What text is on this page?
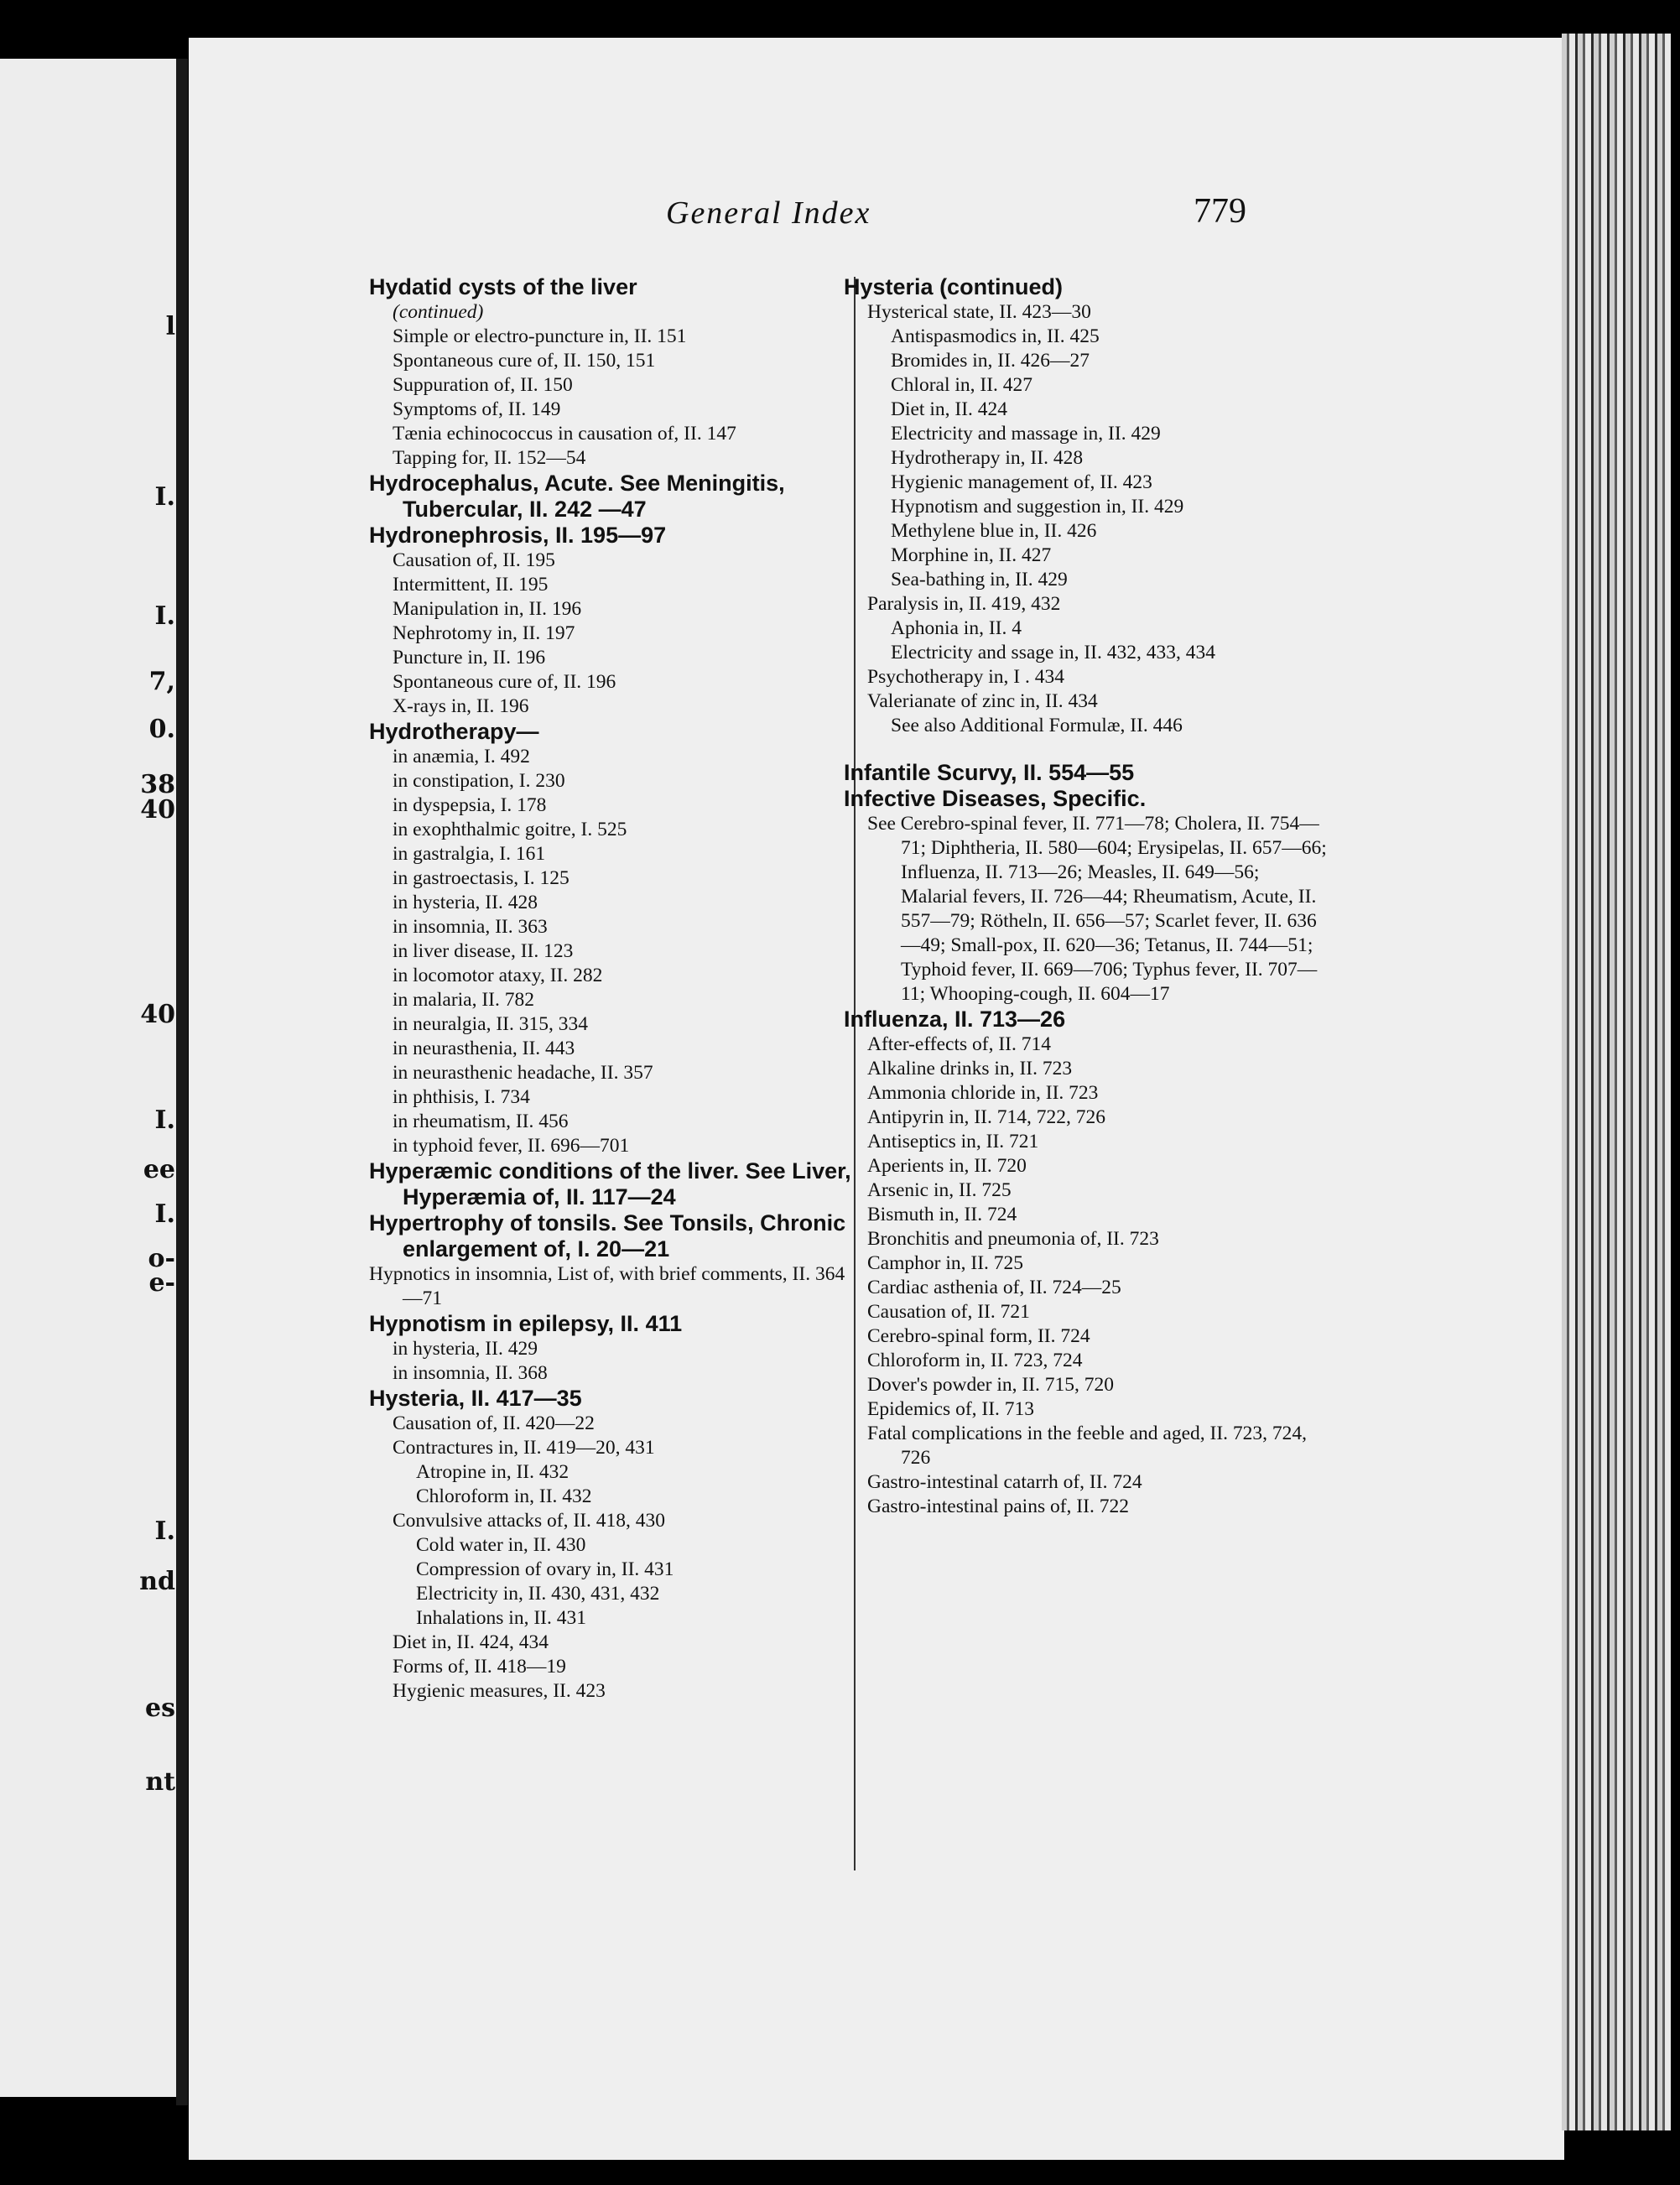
l
I.
I.
7,
0.
38
40
40
I.
ee
I.
o-
e-
I.
nd
es
nt
General Index	779
Hydatid cysts of the liver
(continued)
Simple or electro-puncture in, II. 151
Spontaneous cure of, II. 150, 151
Suppuration of, II. 150
Symptoms of, II. 149
Tænia echinococcus in causation of, II. 147
Tapping for, II. 152—54
Hydrocephalus, Acute. See Meningitis, Tubercular, II. 242 —47
Hydronephrosis, II. 195—97
Causation of, II. 195
Intermittent, II. 195
Manipulation in, II. 196
Nephrotomy in, II. 197
Puncture in, II. 196
Spontaneous cure of, II. 196
X-rays in, II. 196
Hydrotherapy—
in anæmia, I. 492
in constipation, I. 230
in dyspepsia, I. 178
in exophthalmic goitre, I. 525
in gastralgia, I. 161
in gastroectasis, I. 125
in hysteria, II. 428
in insomnia, II. 363
in liver disease, II. 123
in locomotor ataxy, II. 282
in malaria, II. 782
in neuralgia, II. 315, 334
in neurasthenia, II. 443
in neurasthenic headache, II. 357
in phthisis, I. 734
in rheumatism, II. 456
in typhoid fever, II. 696—701
Hyperæmic conditions of the liver. See Liver, Hyperæmia of, II. 117—24
Hypertrophy of tonsils. See Tonsils, Chronic enlargement of, I. 20—21
Hypnotics in insomnia, List of, with brief comments, II. 364—71
Hypnotism in epilepsy, II. 411
in hysteria, II. 429
in insomnia, II. 368
Hysteria, II. 417—35
Causation of, II. 420—22
Contractures in, II. 419—20, 431
Atropine in, II. 432
Chloroform in, II. 432
Convulsive attacks of, II. 418, 430
Cold water in, II. 430
Compression of ovary in, II. 431
Electricity in, II. 430, 431, 432
Inhalations in, II. 431
Diet in, II. 424, 434
Forms of, II. 418—19
Hygienic measures, II. 423
Hysteria (continued)
Hysterical state, II. 423—30
Antispasmodics in, II. 425
Bromides in, II. 426—27
Chloral in, II. 427
Diet in, II. 424
Electricity and massage in, II. 429
Hydrotherapy in, II. 428
Hygienic management of, II. 423
Hypnotism and suggestion in, II. 429
Methylene blue in, II. 426
Morphine in, II. 427
Sea-bathing in, II. 429
Paralysis in, II. 419, 432
Aphonia in, II. 4
Electricity and ssage in, II. 432, 433, 434
Psychotherapy in, I . 434
Valerianate of zinc in, II. 434
See also Additional Formulæ, II. 446
Infantile Scurvy, II. 554—55
Infective Diseases, Specific.
See Cerebro-spinal fever, II. 771—78; Cholera, II. 754—71; Diphtheria, II. 580—604; Erysipelas, II. 657—66; Influenza, II. 713—26; Measles, II. 649—56; Malarial fevers, II. 726—44; Rheumatism, Acute, II. 557—79; Rötheln, II. 656—57; Scarlet fever, II. 636—49; Small-pox, II. 620—36; Tetanus, II. 744—51; Typhoid fever, II. 669—706; Typhus fever, II. 707—11; Whooping-cough, II. 604—17
Influenza, II. 713—26
After-effects of, II. 714
Alkaline drinks in, II. 723
Ammonia chloride in, II. 723
Antipyrin in, II. 714, 722, 726
Antiseptics in, II. 721
Aperients in, II. 720
Arsenic in, II. 725
Bismuth in, II. 724
Bronchitis and pneumonia of, II. 723
Camphor in, II. 725
Cardiac asthenia of, II. 724—25
Causation of, II. 721
Cerebro-spinal form, II. 724
Chloroform in, II. 723, 724
Dover's powder in, II. 715, 720
Epidemics of, II. 713
Fatal complications in the feeble and aged, II. 723, 724, 726
Gastro-intestinal catarrh of, II. 724
Gastro-intestinal pains of, II. 722
